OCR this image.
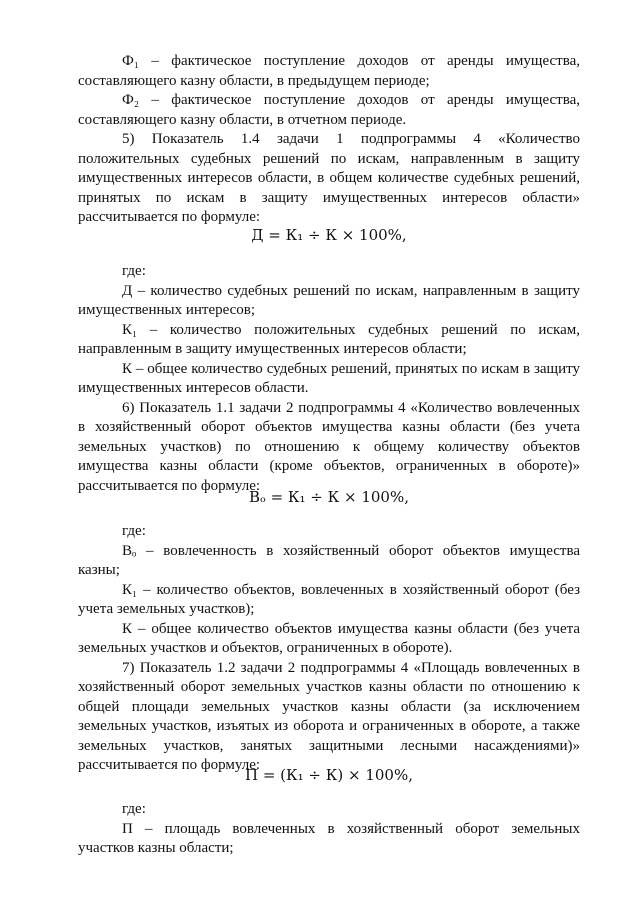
Ф₁ – фактическое поступление доходов от аренды имущества, составляющего казну области, в предыдущем периоде;

Ф₂ – фактическое поступление доходов от аренды имущества, составляющего казну области, в отчетном периоде.

5) Показатель 1.4 задачи 1 подпрограммы 4 «Количество положительных судебных решений по искам, направленным в защиту имущественных интересов области, в общем количестве судебных решений, принятых по искам в защиту имущественных интересов области» рассчитывается по формуле:

Д = К₁ ÷ К × 100%,

где:

Д – количество судебных решений по искам, направленным в защиту имущественных интересов;

К₁ – количество положительных судебных решений по искам, направленным в защиту имущественных интересов области;

К – общее количество судебных решений, принятых по искам в защиту имущественных интересов области.

6) Показатель 1.1 задачи 2 подпрограммы 4 «Количество вовлеченных в хозяйственный оборот объектов имущества казны области (без учета земельных участков) по отношению к общему количеству объектов имущества казны области (кроме объектов, ограниченных в обороте)» рассчитывается по формуле:

Вₒ = К₁ ÷ К × 100%,

где:

Вₒ – вовлеченность в хозяйственный оборот объектов имущества казны;

К₁ – количество объектов, вовлеченных в хозяйственный оборот (без учета земельных участков);

К – общее количество объектов имущества казны области (без учета земельных участков и объектов, ограниченных в обороте).

7) Показатель 1.2 задачи 2 подпрограммы 4 «Площадь вовлеченных в хозяйственный оборот земельных участков казны области по отношению к общей площади земельных участков казны области (за исключением земельных участков, изъятых из оборота и ограниченных в обороте, а также земельных участков, занятых защитными лесными насаждениями)» рассчитывается по формуле:

П = (К₁ ÷ К) × 100%,

где:

П – площадь вовлеченных в хозяйственный оборот земельных участков казны области;
